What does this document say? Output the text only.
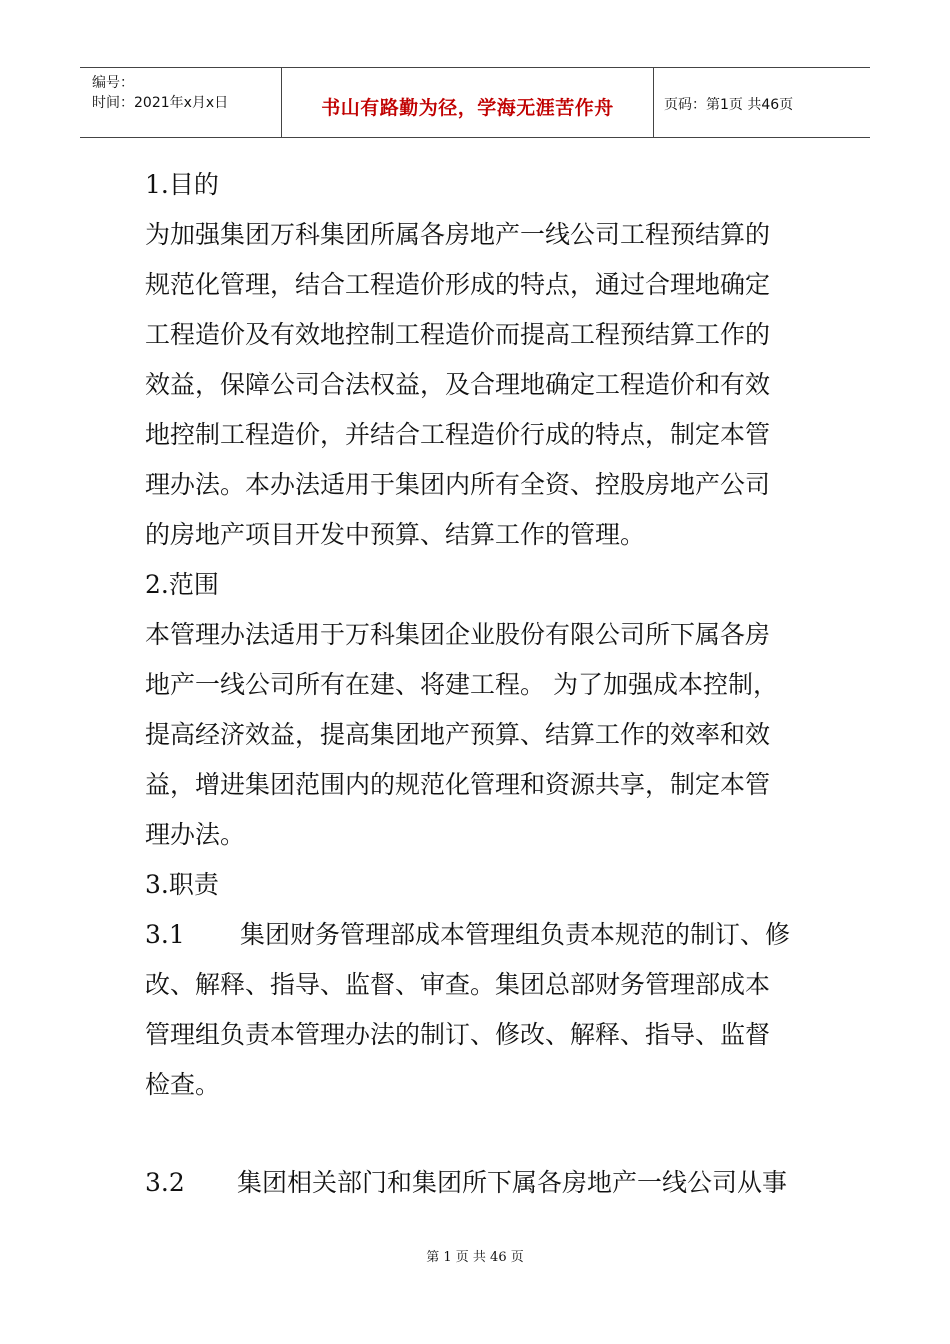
编号：
时间：2021年x月x日	书山有路勤为径，学海无涯苦作舟	页码：第1页 共46页
1.目的
为加强集团万科集团所属各房地产一线公司工程预结算的
规范化管理，结合工程造价形成的特点，通过合理地确定
工程造价及有效地控制工程造价而提高工程预结算工作的
效益，保障公司合法权益，及合理地确定工程造价和有效
地控制工程造价，并结合工程造价行成的特点，制定本管
理办法。本办法适用于集团内所有全资、控股房地产公司
的房地产项目开发中预算、结算工作的管理。
2.范围
本管理办法适用于万科集团企业股份有限公司所下属各房
地产一线公司所有在建、将建工程。 为了加强成本控制，
提高经济效益，提高集团地产预算、结算工作的效率和效
益，增进集团范围内的规范化管理和资源共享，制定本管
理办法。
3.职责
3.1 集团财务管理部成本管理组负责本规范的制订、修
改、解释、指导、监督、审查。集团总部财务管理部成本
管理组负责本管理办法的制订、修改、解释、指导、监督
检查。
3.2 集团相关部门和集团所下属各房地产一线公司从事
第 1 页 共 46 页
